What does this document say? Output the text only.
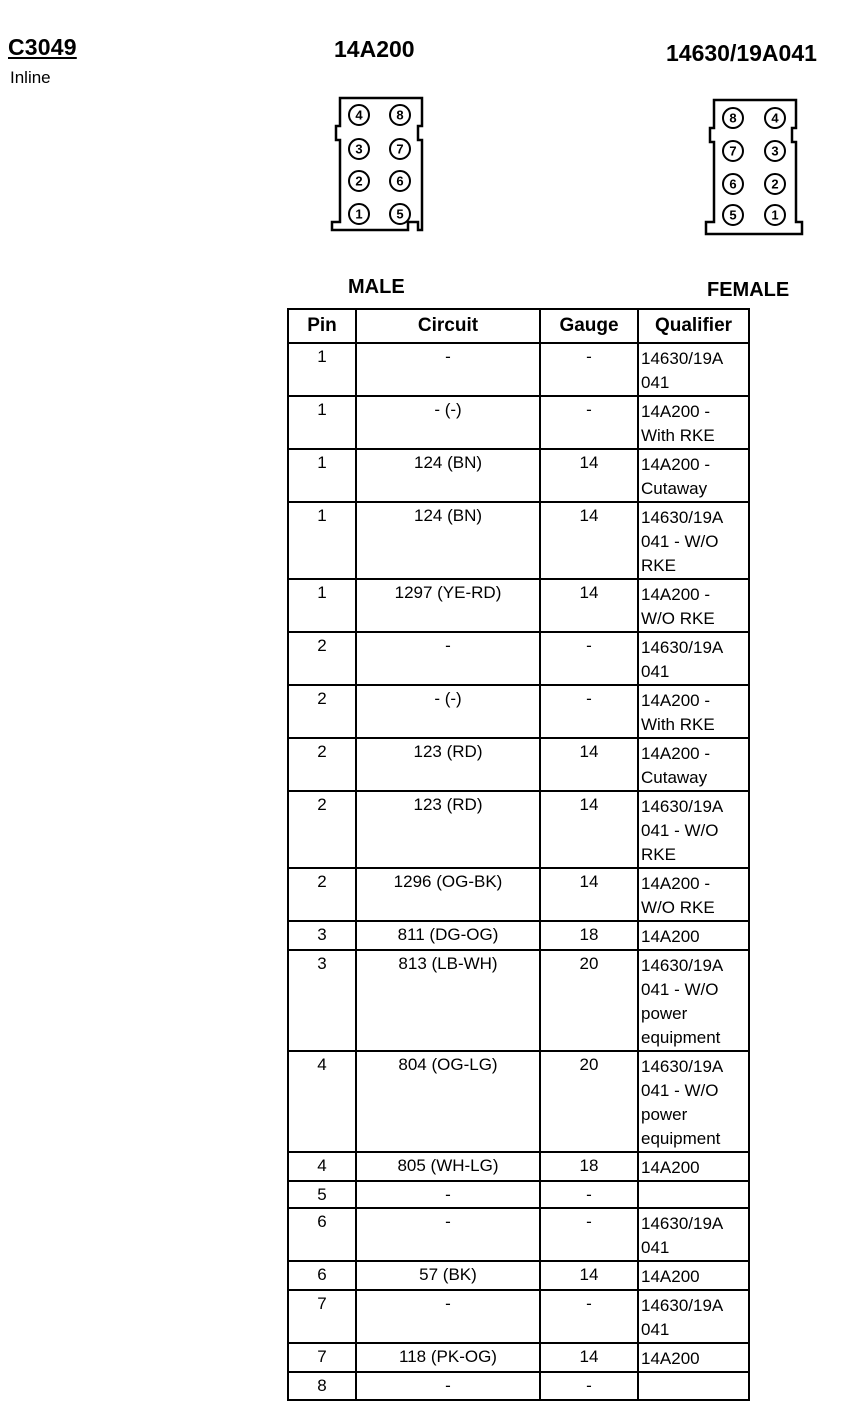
C3049
Inline
14A200	14630/19A041
4
3
2
1
8
7
6
5
8
7
6
5
4
3
2
1
MALE	FEMALE
Pin	Circuit	Gauge	Qualifier
1	-	-	14630/19A 041
1	- (-)	-	14A200 - With RKE
1	124 (BN)	14	14A200 - Cutaway
1	124 (BN)	14	14630/19A 041 - W/O RKE
1	1297 (YE-RD)	14	14A200 - W/O RKE
2	-	-	14630/19A 041
2	- (-)	-	14A200 - With RKE
2	123 (RD)	14	14A200 - Cutaway
2	123 (RD)	14	14630/19A 041 - W/O RKE
2	1296 (OG-BK)	14	14A200 - W/O RKE
3	811 (DG-OG)	18	14A200
3	813 (LB-WH)	20	14630/19A 041 - W/O power equipment
4	804 (OG-LG)	20	14630/19A 041 - W/O power equipment
4	805 (WH-LG)	18	14A200
5	-	-	
6	-	-	14630/19A 041
6	57 (BK)	14	14A200
7	-	-	14630/19A 041
7	118 (PK-OG)	14	14A200
8	-	-	
